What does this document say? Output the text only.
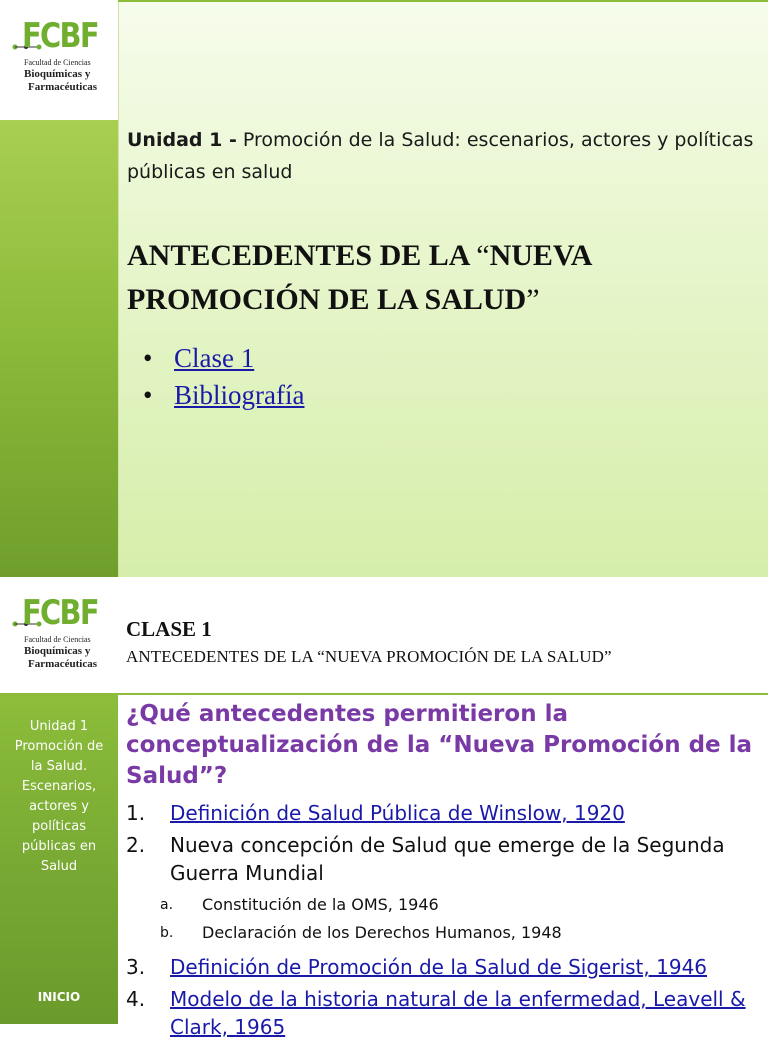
FCBF
Facultad de Ciencias
Bioquímicas y
Farmacéuticas
Unidad 1 - Promoción de la Salud: escenarios, actores y políticas públicas en salud
ANTECEDENTES DE LA “NUEVA PROMOCIÓN DE LA SALUD”
• Clase 1
• Bibliografía
FCBF
Facultad de Ciencias
Bioquímicas y
Farmacéuticas
CLASE 1
ANTECEDENTES DE LA “NUEVA PROMOCIÓN DE LA SALUD”
Unidad 1
Promoción de
la Salud.
Escenarios,
actores y
políticas
públicas en
Salud
INICIO
¿Qué antecedentes permitieron la conceptualización de la “Nueva Promoción de la Salud”?
1. Definición de Salud Pública de Winslow, 1920
2. Nueva concepción de Salud que emerge de la Segunda Guerra Mundial
a. Constitución de la OMS, 1946
b. Declaración de los Derechos Humanos, 1948
3. Definición de Promoción de la Salud de Sigerist, 1946
4. Modelo de la historia natural de la enfermedad, Leavell & Clark, 1965
